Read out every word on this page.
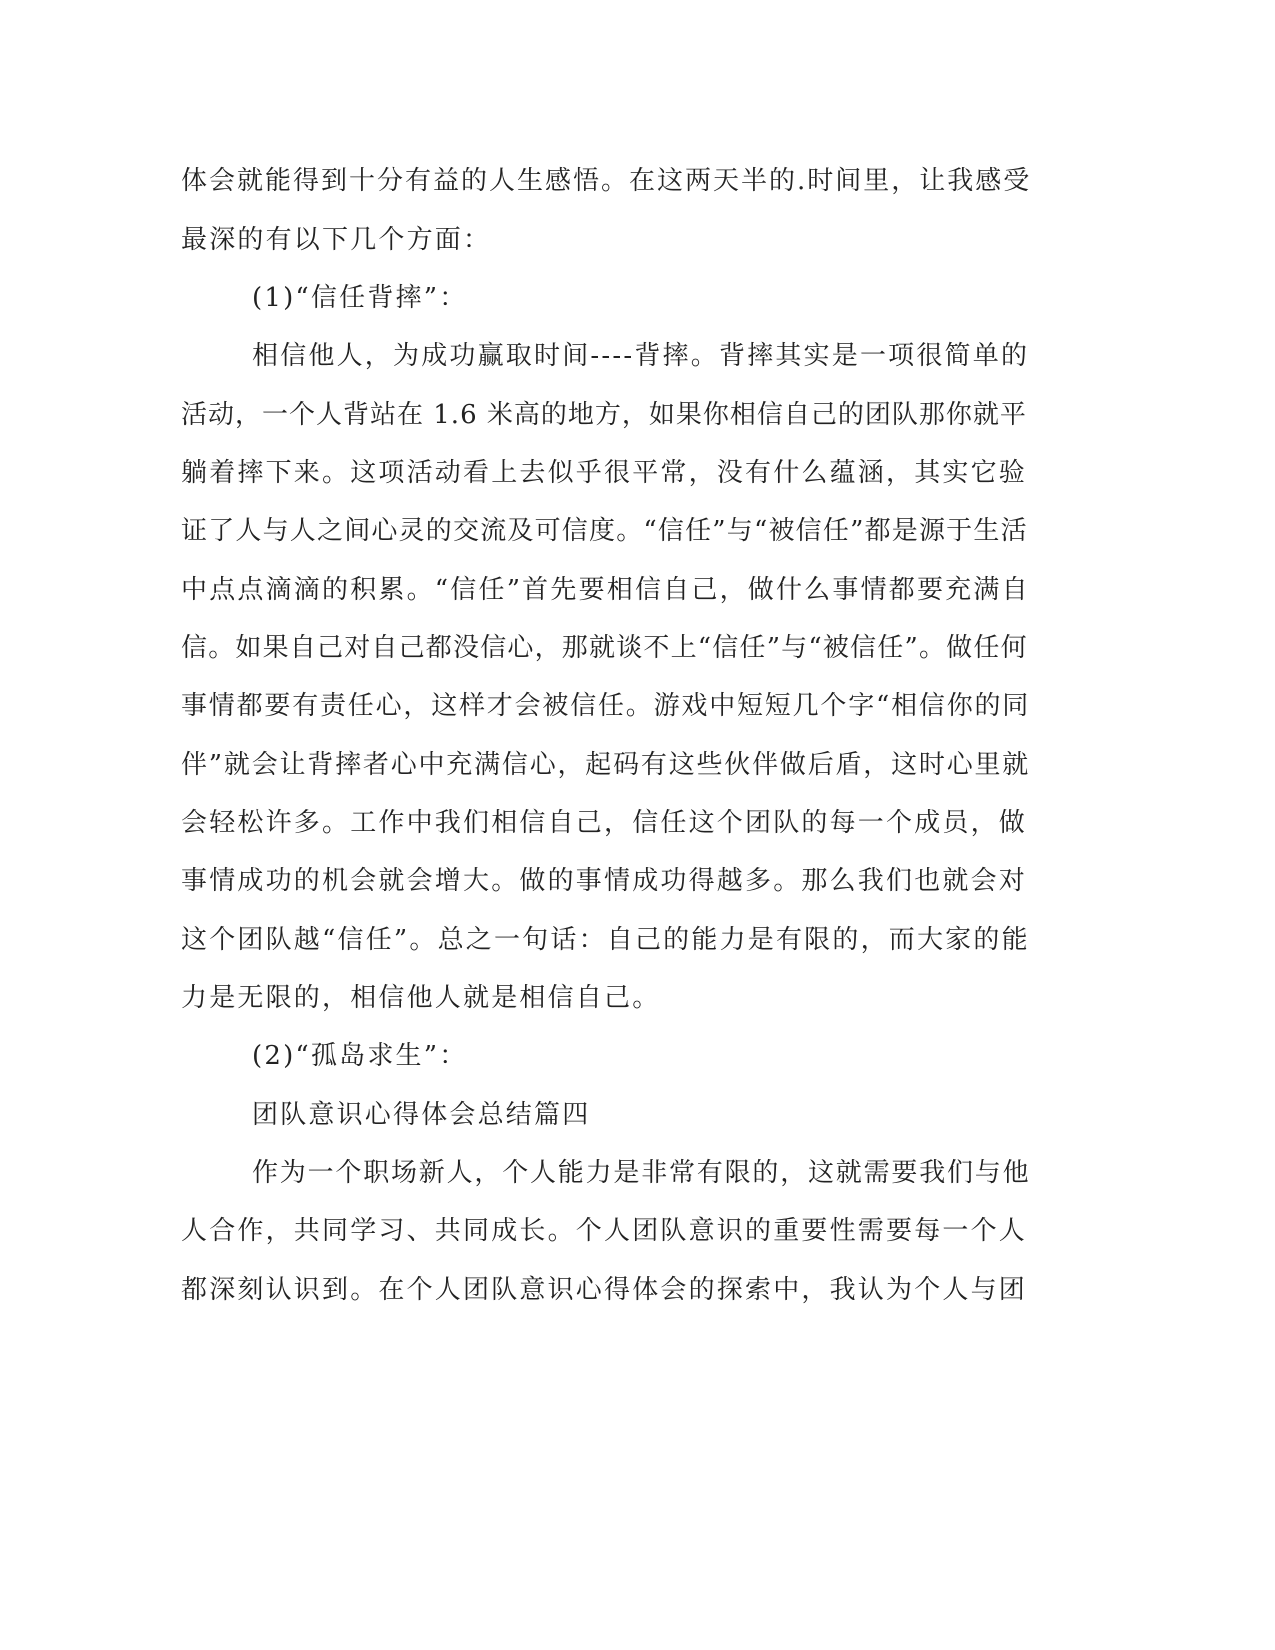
体会就能得到十分有益的人生感悟。在这两天半的.时间里，让我感受
最深的有以下几个方面：
(1)“信任背摔”：
相信他人，为成功赢取时间----背摔。背摔其实是一项很简单的
活动，一个人背站在 1.6 米高的地方，如果你相信自己的团队那你就平
躺着摔下来。这项活动看上去似乎很平常，没有什么蕴涵，其实它验
证了人与人之间心灵的交流及可信度。“信任”与“被信任”都是源于生活
中点点滴滴的积累。“信任”首先要相信自己，做什么事情都要充满自
信。如果自己对自己都没信心，那就谈不上“信任”与“被信任”。做任何
事情都要有责任心，这样才会被信任。游戏中短短几个字“相信你的同
伴”就会让背摔者心中充满信心，起码有这些伙伴做后盾，这时心里就
会轻松许多。工作中我们相信自己，信任这个团队的每一个成员，做
事情成功的机会就会增大。做的事情成功得越多。那么我们也就会对
这个团队越“信任”。总之一句话：自己的能力是有限的，而大家的能
力是无限的，相信他人就是相信自己。
(2)“孤岛求生”：
团队意识心得体会总结篇四
作为一个职场新人，个人能力是非常有限的，这就需要我们与他
人合作，共同学习、共同成长。个人团队意识的重要性需要每一个人
都深刻认识到。在个人团队意识心得体会的探索中，我认为个人与团
